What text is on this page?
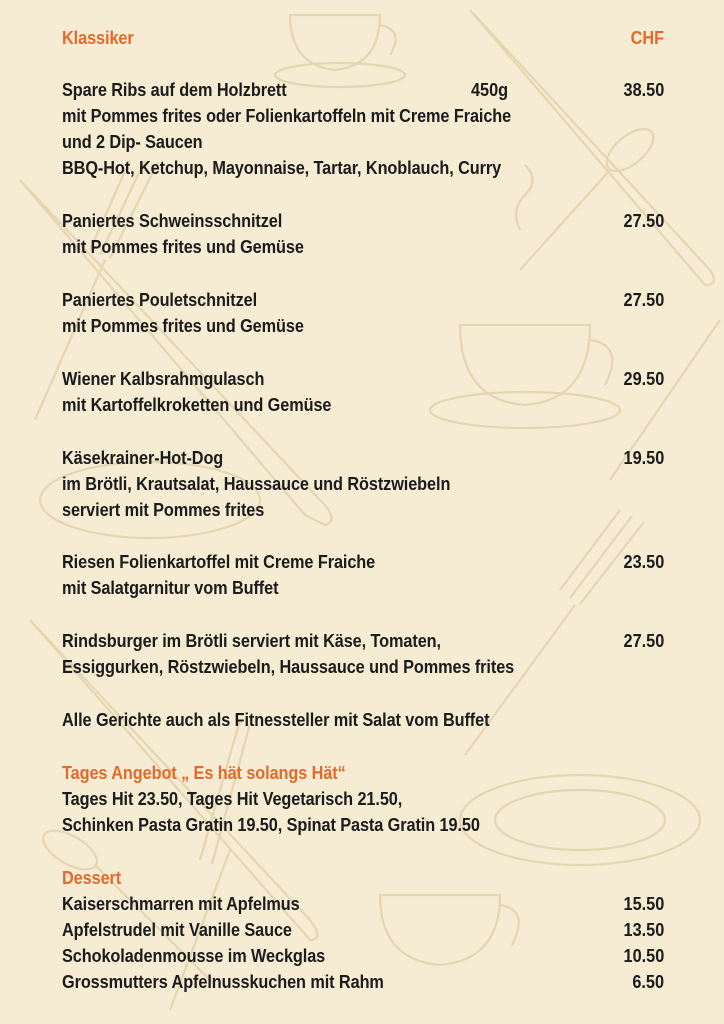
Klassiker	CHF
Spare Ribs auf dem Holzbrett	450g	38.50
mit Pommes frites oder Folienkartoffeln mit Creme Fraiche
und 2 Dip- Saucen
BBQ-Hot, Ketchup, Mayonnaise, Tartar, Knoblauch, Curry
Paniertes Schweinsschnitzel	27.50
mit Pommes frites und Gemüse
Paniertes Pouletschnitzel	27.50
mit Pommes frites und Gemüse
Wiener Kalbsrahmgulasch	29.50
mit Kartoffelkroketten und Gemüse
Käsekrainer-Hot-Dog	19.50
im Brötli, Krautsalat, Haussauce und Röstzwiebeln
serviert mit Pommes frites
Riesen Folienkartoffel mit Creme Fraiche	23.50
mit Salatgarnitur vom Buffet
Rindsburger im Brötli serviert mit Käse, Tomaten,	27.50
Essiggurken, Röstzwiebeln, Haussauce und Pommes frites
Alle Gerichte auch als Fitnessteller mit Salat vom Buffet
Tages Angebot „ Es hät solangs Hät“
Tages Hit 23.50, Tages Hit Vegetarisch 21.50,
Schinken Pasta Gratin 19.50, Spinat Pasta Gratin 19.50
Dessert
Kaiserschmarren mit Apfelmus	15.50
Apfelstrudel mit Vanille Sauce	13.50
Schokoladenmousse im Weckglas	10.50
Grossmutters Apfelnusskuchen mit Rahm	6.50
